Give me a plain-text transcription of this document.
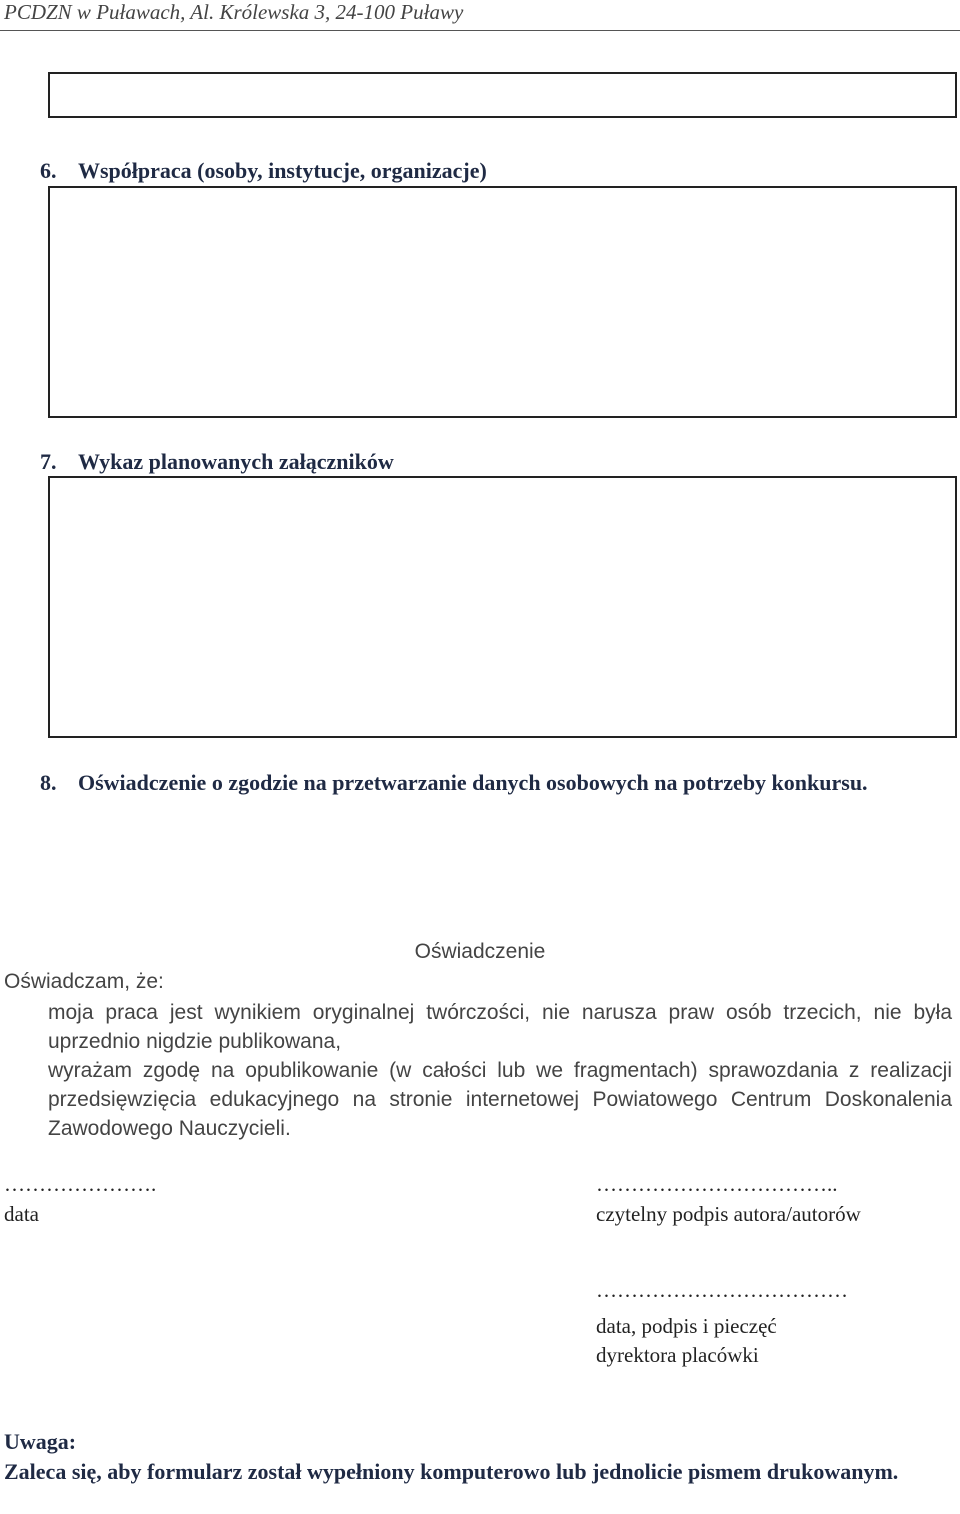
PCDZN w Puławach, Al. Królewska 3, 24-100 Puławy
6. Współpraca (osoby, instytucje, organizacje)
7. Wykaz planowanych załączników
8. Oświadczenie o zgodzie na przetwarzanie danych osobowych na potrzeby konkursu.
Oświadczenie
Oświadczam, że:
moja praca jest wynikiem oryginalnej twórczości, nie narusza praw osób trzecich, nie była uprzednio nigdzie publikowana,
wyrażam zgodę na opublikowanie (w całości lub we fragmentach) sprawozdania z realizacji przedsięwzięcia edukacyjnego na stronie internetowej Powiatowego Centrum Doskonalenia Zawodowego Nauczycieli.
………………….
data
……………………………..
czytelny podpis autora/autorów
………………………………
data, podpis i pieczęć
dyrektora placówki
Uwaga:
Zaleca się, aby formularz został wypełniony komputerowo lub jednolicie pismem drukowanym.
